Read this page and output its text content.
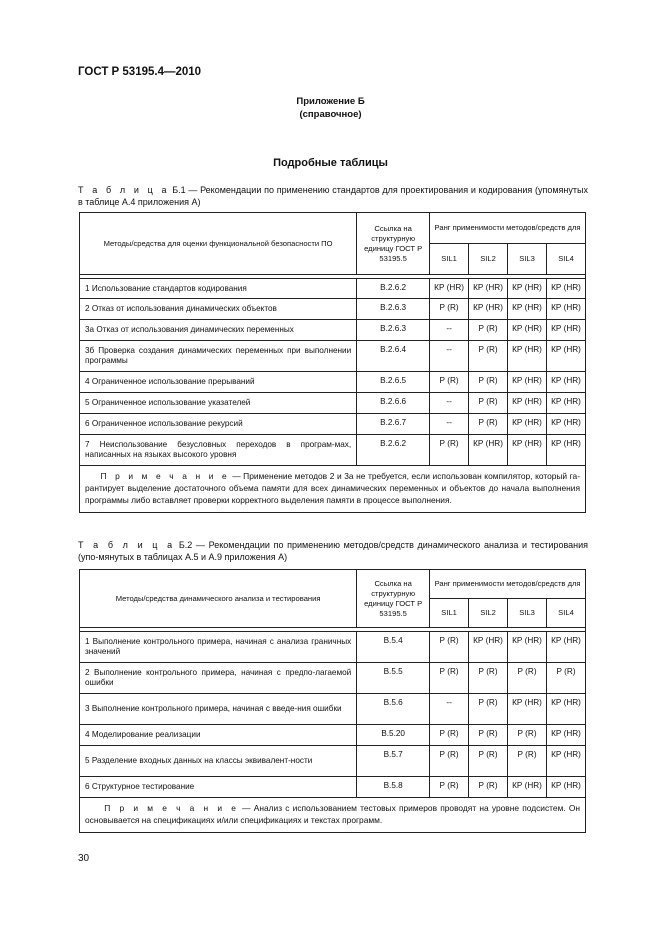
ГОСТ Р 53195.4—2010
Приложение Б
(справочное)
Подробные таблицы
Т а б л и ц а Б.1 — Рекомендации по применению стандартов для проектирования и кодирования (упомянутых в таблице А.4 приложения А)
Методы/средства для оценки функциональной безопасности ПО	Ссылка на структурную единицу ГОСТ Р 53195.5	Ранг применимости методов/средств для			
		SIL1	SIL2	SIL3	SIL4

1 Использование стандартов кодирования	В.2.6.2	КР (HR)	КР (HR)	КР (HR)	КР (HR)
2 Отказ от использования динамических объектов	В.2.6.3	Р (R)	КР (HR)	КР (HR)	КР (HR)
3а Отказ от использования динамических переменных	В.2.6.3	--	Р (R)	КР (HR)	КР (HR)
3б Проверка создания динамических переменных при выполнении программы	В.2.6.4	--	Р (R)	КР (HR)	КР (HR)
4 Ограниченное использование прерываний	В.2.6.5	Р (R)	Р (R)	КР (HR)	КР (HR)
5 Ограниченное использование указателей	В.2.6.6	--	Р (R)	КР (HR)	КР (HR)
6 Ограниченное использование рекурсий	В.2.6.7	--	Р (R)	КР (HR)	КР (HR)
7 Неиспользование безусловных переходов в програм-мах, написанных на языках высокого уровня	В.2.6.2	Р (R)	КР (HR)	КР (HR)	КР (HR)
П р и м е ч а н и е — Применение методов 2 и 3а не требуется, если использован компилятор, который га-рантирует выделение достаточного объема памяти для всех динамических переменных и объектов до начала выполнения программы либо вставляет проверки корректного выделения памяти в процессе выполнения.					
Т а б л и ц а Б.2 — Рекомендации по применению методов/средств динамического анализа и тестирования (упо-мянутых в таблицах А.5 и А.9 приложения А)
Методы/средства динамического анализа и тестирования	Ссылка на структурную единицу ГОСТ Р 53195.5	Ранг применимости методов/средств для			
		SIL1	SIL2	SIL3	SIL4

1 Выполнение контрольного примера, начиная с анализа граничных значений	В.5.4	Р (R)	КР (HR)	КР (HR)	КР (HR)
2 Выполнение контрольного примера, начиная с предпо-лагаемой ошибки	В.5.5	Р (R)	Р (R)	Р (R)	Р (R)
3 Выполнение контрольного примера, начиная с введе-ния ошибки	В.5.6	--	Р (R)	КР (HR)	КР (HR)
4 Моделирование реализации	В.5.20	Р (R)	Р (R)	Р (R)	КР (HR)
5 Разделение входных данных на классы эквивалент-ности	В.5.7	Р (R)	Р (R)	Р (R)	КР (HR)
6 Структурное тестирование	В.5.8	Р (R)	Р (R)	КР (HR)	КР (HR)
П р и м е ч а н и е — Анализ с использованием тестовых примеров проводят на уровне подсистем. Он основывается на спецификациях и/или спецификациях и текстах программ.					
30
